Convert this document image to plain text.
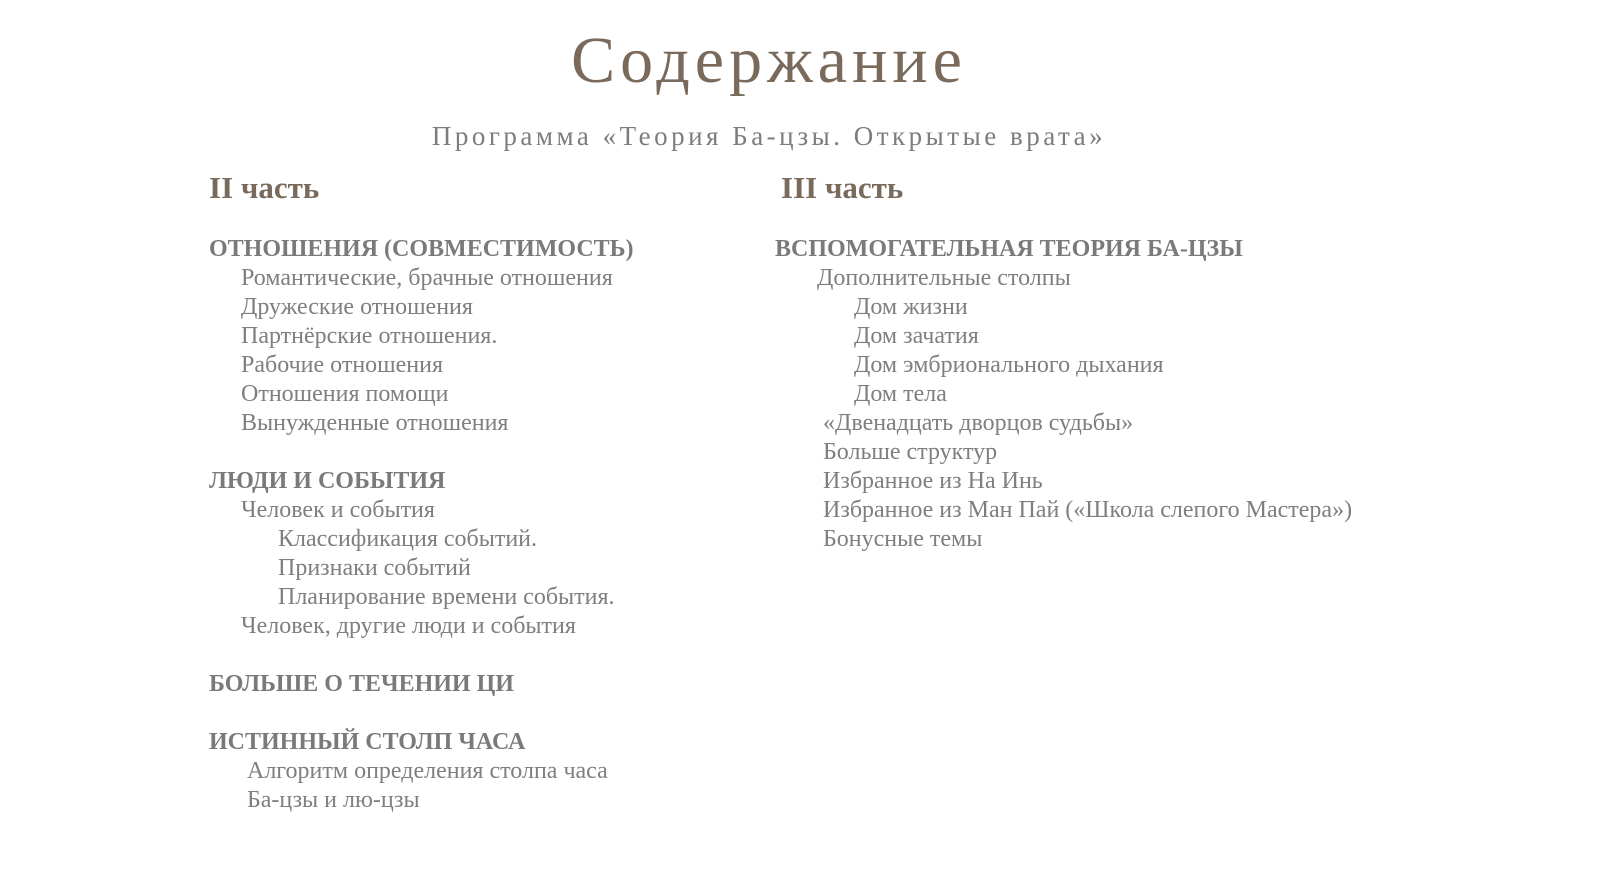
Содержание
Программа «Теория Ба-цзы. Открытые врата»
II часть	III часть
ОТНОШЕНИЯ (СОВМЕСТИМОСТЬ)
Романтические, брачные отношения
Дружеские отношения
Партнёрские отношения.
Рабочие отношения
Отношения помощи
Вынужденные отношения
ЛЮДИ И СОБЫТИЯ
Человек и события
Классификация событий.
Признаки событий
Планирование времени события.
Человек, другие люди и события
БОЛЬШЕ О ТЕЧЕНИИ ЦИ
ИСТИННЫЙ СТОЛП ЧАСА
Алгоритм определения столпа часа
Ба-цзы и лю-цзы
ВСПОМОГАТЕЛЬНАЯ ТЕОРИЯ БА-ЦЗЫ
Дополнительные столпы
Дом жизни
Дом зачатия
Дом эмбрионального дыхания
Дом тела
«Двенадцать дворцов судьбы»
Больше структур
Избранное из На Инь
Избранное из Ман Пай («Школа слепого Мастера»)
Бонусные темы
